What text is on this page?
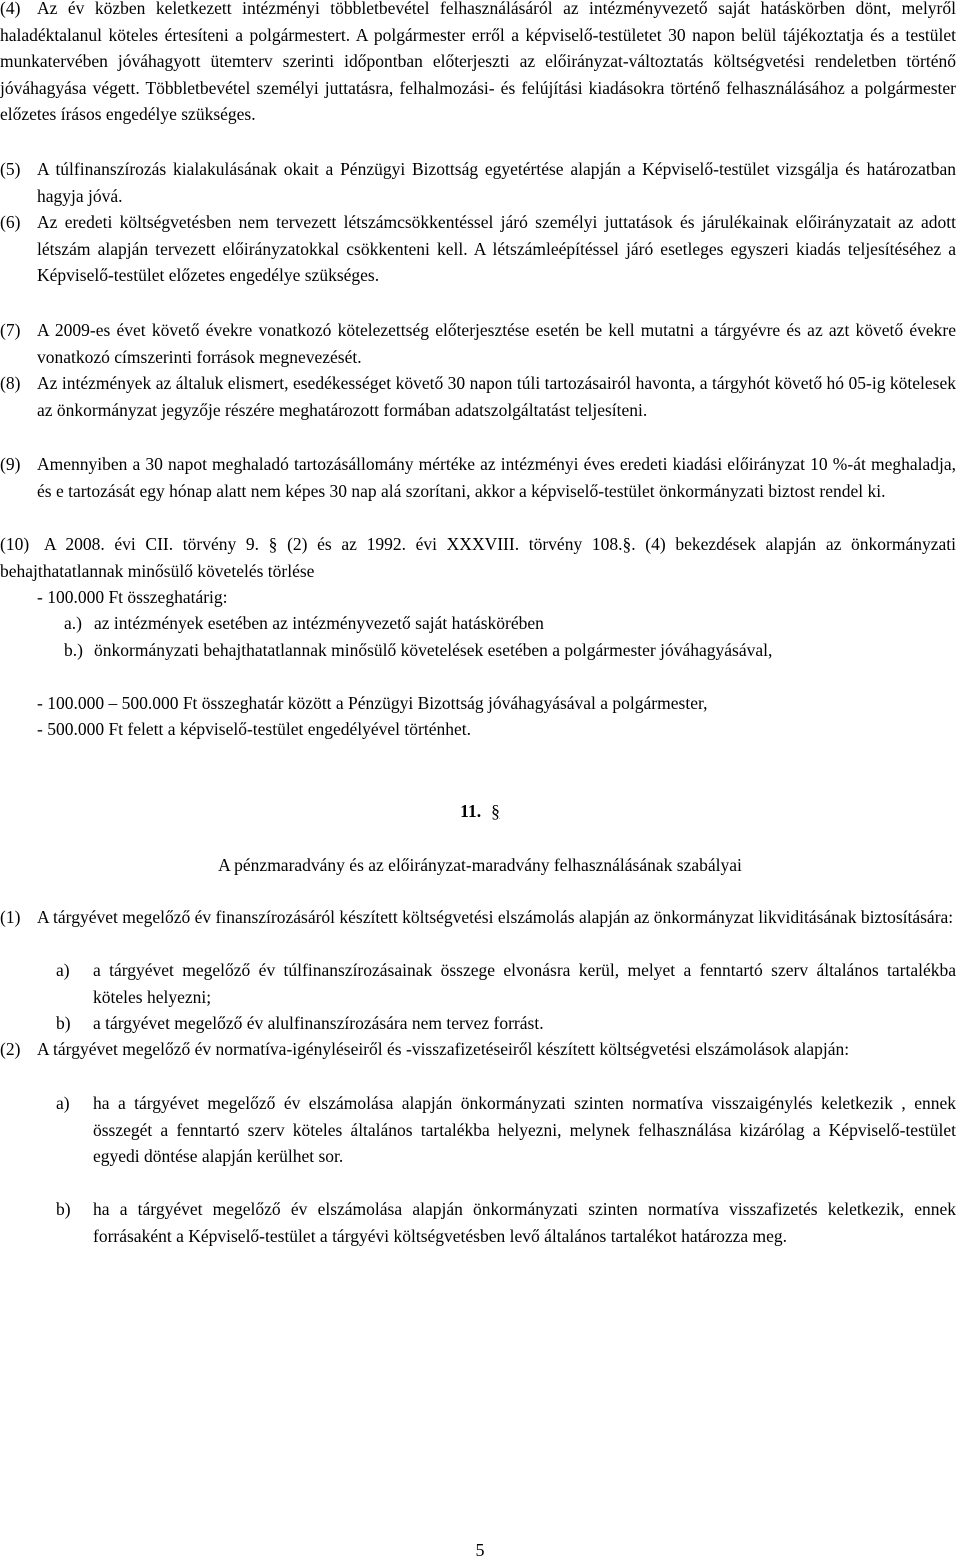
(4) Az év közben keletkezett intézményi többletbevétel felhasználásáról az intézményvezető saját hatáskörben dönt, melyről haladéktalanul köteles értesíteni a polgármestert. A polgármester erről a képviselő-testületet 30 napon belül tájékoztatja és a testület munkatervében jóváhagyott ütemterv szerinti időpontban előterjeszti az előirányzat-változtatás költségvetési rendeletben történő jóváhagyása végett. Többletbevétel személyi juttatásra, felhalmozási- és felújítási kiadásokra történő felhasználásához a polgármester előzetes írásos engedélye szükséges.
(5) A túlfinanszírozás kialakulásának okait a Pénzügyi Bizottság egyetértése alapján a Képviselő-testület vizsgálja és határozatban hagyja jóvá.
(6) Az eredeti költségvetésben nem tervezett létszámcsökkentéssel járó személyi juttatások és járulékainak előirányzatait az adott létszám alapján tervezett előirányzatokkal csökkenteni kell. A létszámleépítéssel járó esetleges egyszeri kiadás teljesítéséhez a Képviselő-testület előzetes engedélye szükséges.
(7) A 2009-es évet követő évekre vonatkozó kötelezettség előterjesztése esetén be kell mutatni a tárgyévre és az azt követő évekre vonatkozó címszerinti források megnevezését.
(8) Az intézmények az általuk elismert, esedékességet követő 30 napon túli tartozásairól havonta, a tárgyhót követő hó 05-ig kötelesek az önkormányzat jegyzője részére meghatározott formában adatszolgáltatást teljesíteni.
(9) Amennyiben a 30 napot meghaladó tartozásállomány mértéke az intézményi éves eredeti kiadási előirányzat 10 %-át meghaladja, és e tartozását egy hónap alatt nem képes 30 nap alá szorítani, akkor a képviselő-testület önkormányzati biztost rendel ki.
(10) A 2008. évi CII. törvény 9. § (2) és az 1992. évi XXXVIII. törvény 108.§. (4) bekezdések alapján az önkormányzati behajthatatlannak minősülő követelés törlése
- 100.000 Ft összeghatárig:
a.) az intézmények esetében az intézményvezető saját hatáskörében
b.) önkormányzati behajthatatlannak minősülő követelések esetében a polgármester jóváhagyásával,
- 100.000 – 500.000 Ft összeghatár között a Pénzügyi Bizottság jóváhagyásával a polgármester,
- 500.000 Ft felett a képviselő-testület engedélyével történhet.
11. §
A pénzmaradvány és az előirányzat-maradvány felhasználásának szabályai
(1) A tárgyévet megelőző év finanszírozásáról készített költségvetési elszámolás alapján az önkormányzat likviditásának biztosítására:
a) a tárgyévet megelőző év túlfinanszírozásainak összege elvonásra kerül, melyet a fenntartó szerv általános tartalékba köteles helyezni;
b) a tárgyévet megelőző év alulfinanszírozására nem tervez forrást.
(2) A tárgyévet megelőző év normatíva-igényléseiről és -visszafizetéseiről készített költségvetési elszámolások alapján:
a) ha a tárgyévet megelőző év elszámolása alapján önkormányzati szinten normatíva visszaigénylés keletkezik , ennek összegét a fenntartó szerv köteles általános tartalékba helyezni, melynek felhasználása kizárólag a Képviselő-testület egyedi döntése alapján kerülhet sor.
b) ha a tárgyévet megelőző év elszámolása alapján önkormányzati szinten normatíva visszafizetés keletkezik, ennek forrásaként a Képviselő-testület a tárgyévi költségvetésben levő általános tartalékot határozza meg.
5
